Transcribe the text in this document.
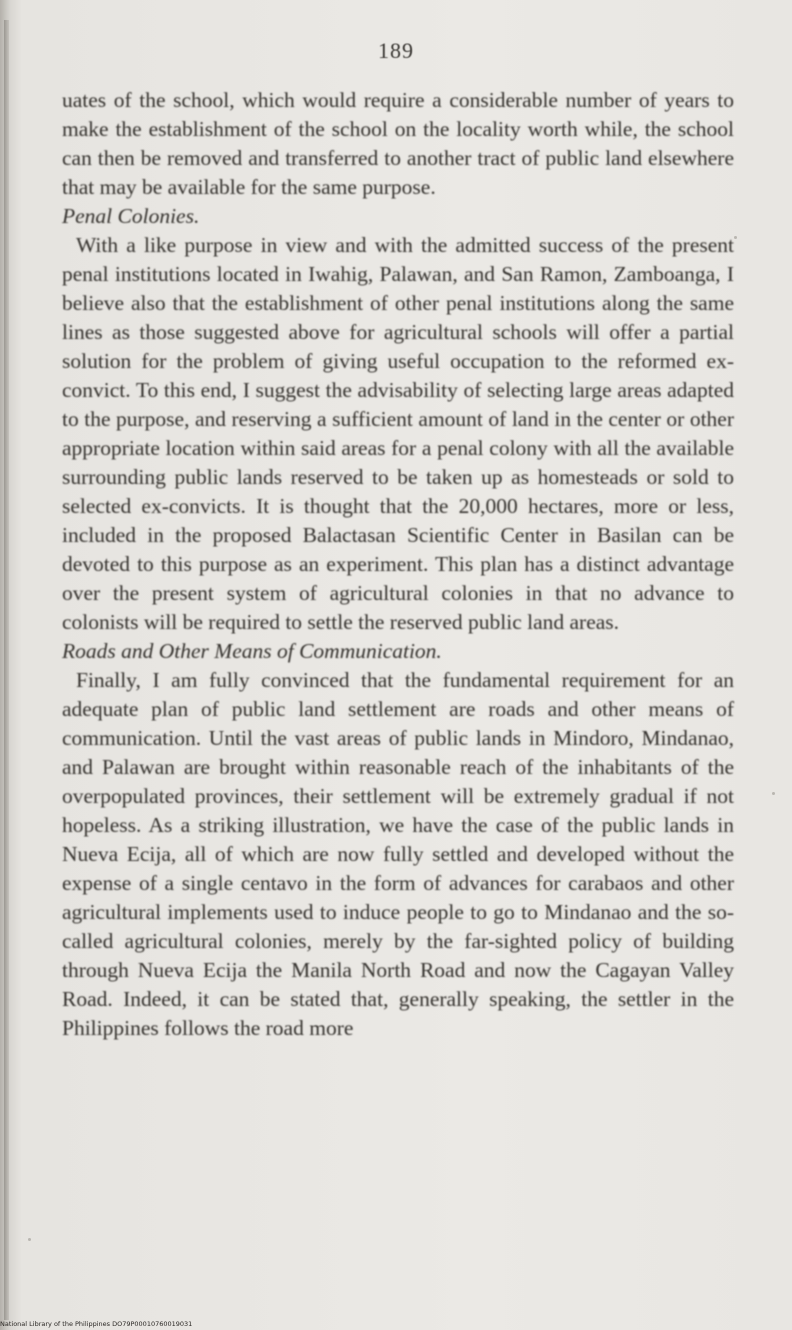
189

uates of the school, which would require a considerable number of years to make the establishment of the school on the locality worth while, the school can then be removed and transferred to another tract of public land elsewhere that may be available for the same purpose.

Penal Colonies.

With a like purpose in view and with the admitted success of the present penal institutions located in Iwahig, Palawan, and San Ramon, Zamboanga, I believe also that the establishment of other penal institutions along the same lines as those suggested above for agricultural schools will offer a partial solution for the problem of giving useful occupation to the reformed ex-convict. To this end, I suggest the advisability of selecting large areas adapted to the purpose, and reserving a sufficient amount of land in the center or other appropriate location within said areas for a penal colony with all the available surrounding public lands reserved to be taken up as homesteads or sold to selected ex-convicts. It is thought that the 20,000 hectares, more or less, included in the proposed Balactasan Scientific Center in Basilan can be devoted to this purpose as an experiment. This plan has a distinct advantage over the present system of agricultural colonies in that no advance to colonists will be required to settle the reserved public land areas.

Roads and Other Means of Communication.

Finally, I am fully convinced that the fundamental requirement for an adequate plan of public land settlement are roads and other means of communication. Until the vast areas of public lands in Mindoro, Mindanao, and Palawan are brought within reasonable reach of the inhabitants of the overpopulated provinces, their settlement will be extremely gradual if not hopeless. As a striking illustration, we have the case of the public lands in Nueva Ecija, all of which are now fully settled and developed without the expense of a single centavo in the form of advances for carabaos and other agricultural implements used to induce people to go to Mindanao and the so-called agricultural colonies, merely by the far-sighted policy of building through Nueva Ecija the Manila North Road and now the Cagayan Valley Road. Indeed, it can be stated that, generally speaking, the settler in the Philippines follows the road more

National Library of the Philippines DO79P00010760019031
